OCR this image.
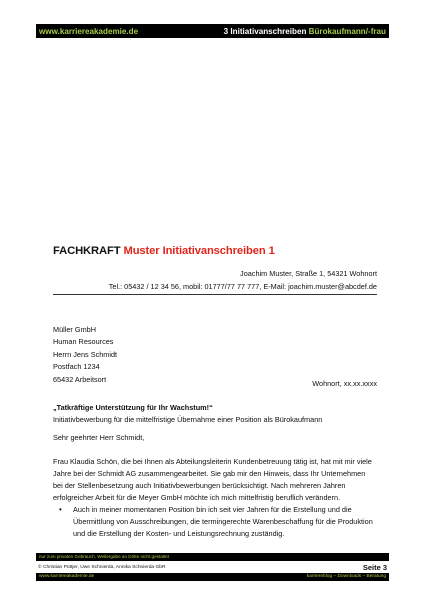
www.karriereakademie.de	3 Initiativanschreiben Bürokaufmann/-frau
FACHKRAFT Muster Initiativanschreiben 1
Joachim Muster, Straße 1, 54321 Wohnort
Tel.: 05432 / 12 34 56, mobil: 01777/77 77 777, E-Mail: joachim.muster@abcdef.de
Müller GmbH
Human Resources
Herrn Jens Schmidt
Postfach 1234
65432 Arbeitsort	Wohnort, xx.xx.xxxx
„Tatkräftige Unterstützung für Ihr Wachstum!“
Initiativbewerbung für die mittelfristige Übernahme einer Position als Bürokaufmann
Sehr geehrter Herr Schmidt,
Frau Klaudia Schön, die bei Ihnen als Abteilungsleiterin Kundenbetreuung tätig ist, hat mit mir viele Jahre bei der Schmidt AG zusammengearbeitet. Sie gab mir den Hinweis, dass Ihr Unternehmen bei der Stellenbesetzung auch Initiativbewerbungen berücksichtigt. Nach mehreren Jahren erfolgreicher Arbeit für die Meyer GmbH möchte ich mich mittelfristig beruflich verändern.
•	Auch in meiner momentanen Position bin ich seit vier Jahren für die Erstellung und die Übermittlung von Ausschreibungen, die termingerechte Warenbeschaffung für die Produktion und die Erstellung der Kosten- und Leistungsrechnung zuständig.
nur zum privaten Gebrauch, Weitergabe an Dritte nicht gestattet
© Christian Püttjer, Uwe Schnierda, Annika Schnierda GbR	Seite 3
www.karriereakademie.de	karriereblog – Downloads – Beratung
